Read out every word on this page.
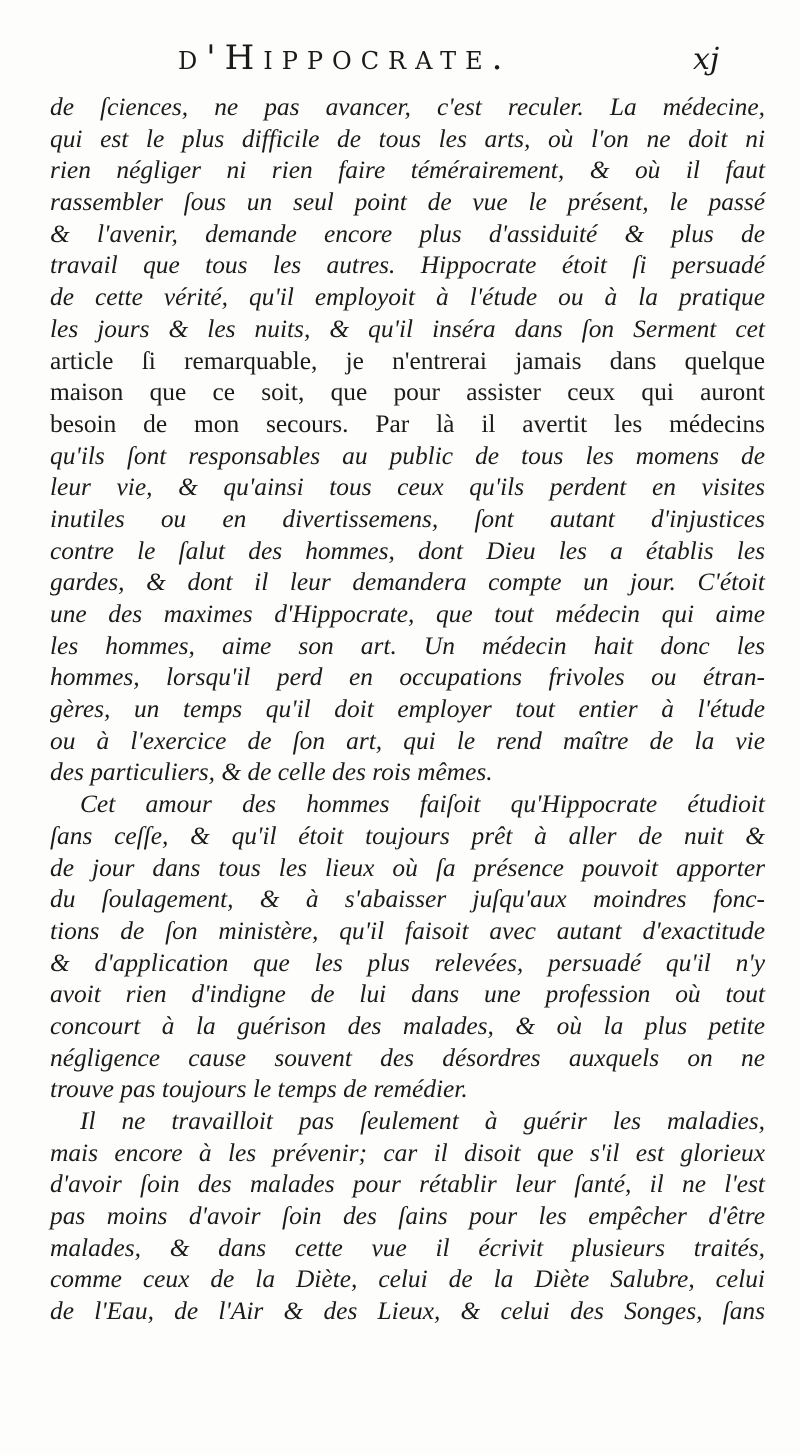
d'Hippocrate.	xj
de ſciences, ne pas avancer, c'est reculer. La médecine,
qui est le plus difficile de tous les arts, où l'on ne doit ni
rien négliger ni rien faire témérairement, & où il faut
rassembler ſous un seul point de vue le présent, le passé
& l'avenir, demande encore plus d'assiduité & plus de
travail que tous les autres. Hippocrate étoit ſi persuadé
de cette vérité, qu'il employoit à l'étude ou à la pratique
les jours & les nuits, & qu'il inséra dans ſon Serment cet
article ſi remarquable, je n'entrerai jamais dans quelque
maison que ce soit, que pour assister ceux qui auront
besoin de mon secours. Par là il avertit les médecins
qu'ils ſont responsables au public de tous les momens de
leur vie, & qu'ainsi tous ceux qu'ils perdent en visites
inutiles ou en divertissemens, ſont autant d'injustices
contre le ſalut des hommes, dont Dieu les a établis les
gardes, & dont il leur demandera compte un jour. C'étoit
une des maximes d'Hippocrate, que tout médecin qui aime
les hommes, aime son art. Un médecin hait donc les
hommes, lorsqu'il perd en occupations frivoles ou étran-
gères, un temps qu'il doit employer tout entier à l'étude
ou à l'exercice de ſon art, qui le rend maître de la vie
des particuliers, & de celle des rois mêmes.
Cet amour des hommes faiſoit qu'Hippocrate étudioit
ſans ceſſe, & qu'il étoit toujours prêt à aller de nuit &
de jour dans tous les lieux où ſa présence pouvoit apporter
du ſoulagement, & à s'abaisser juſqu'aux moindres fonc-
tions de ſon ministère, qu'il faisoit avec autant d'exactitude
& d'application que les plus relevées, persuadé qu'il n'y
avoit rien d'indigne de lui dans une profession où tout
concourt à la guérison des malades, & où la plus petite
négligence cause souvent des désordres auxquels on ne
trouve pas toujours le temps de remédier.
Il ne travailloit pas ſeulement à guérir les maladies,
mais encore à les prévenir; car il disoit que s'il est glorieux
d'avoir ſoin des malades pour rétablir leur ſanté, il ne l'est
pas moins d'avoir ſoin des ſains pour les empêcher d'être
malades, & dans cette vue il écrivit plusieurs traités,
comme ceux de la Diète, celui de la Diète Salubre, celui
de l'Eau, de l'Air & des Lieux, & celui des Songes, ſans
